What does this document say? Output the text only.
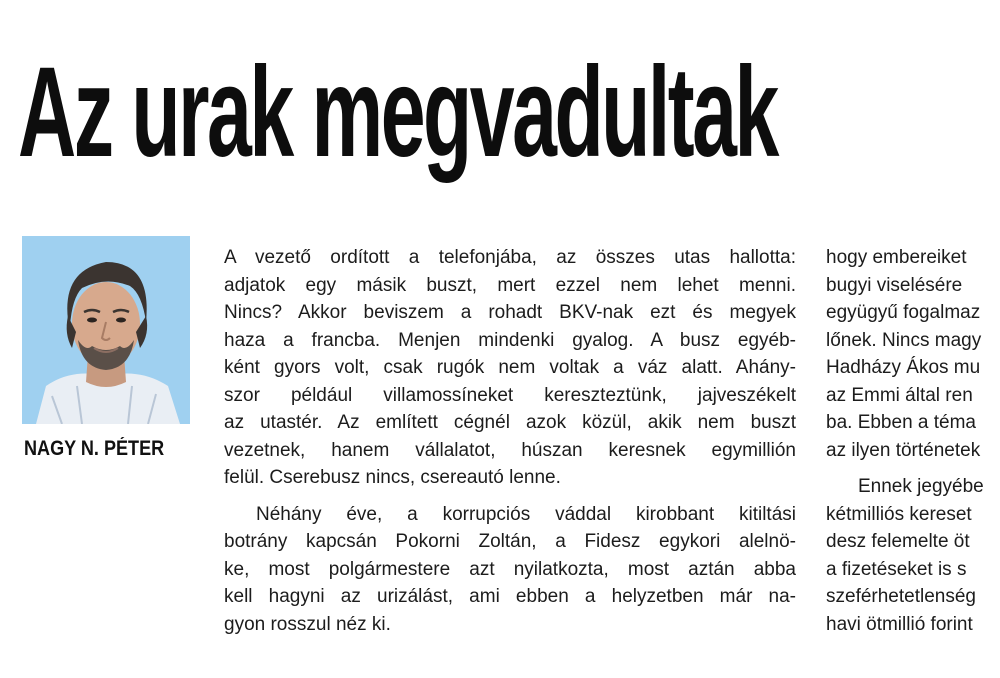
Az urak megvadultak
NAGY N. PÉTER
A vezető ordított a telefonjába, az összes utas hallotta:
adjatok egy másik buszt, mert ezzel nem lehet menni.
Nincs? Akkor beviszem a rohadt BKV-nak ezt és megyek
haza a francba. Menjen mindenki gyalog. A busz egyéb-
ként gyors volt, csak rugók nem voltak a váz alatt. Ahány-
szor például villamossíneket kereszteztünk, jajveszékelt
az utastér. Az említett cégnél azok közül, akik nem buszt
vezetnek, hanem vállalatot, húszan keresnek egymillión
felül. Cserebusz nincs, csereautó lenne.
Néhány éve, a korrupciós váddal kirobbant kitiltási
botrány kapcsán Pokorni Zoltán, a Fidesz egykori alelnö-
ke, most polgármestere azt nyilatkozta, most aztán abba
kell hagyni az urizálást, ami ebben a helyzetben már na-
gyon rosszul néz ki.
hogy embereiket
bugyi viselésére
együgyű fogalmaz
lőnek. Nincs magy
Hadházy Ákos mu
az Emmi által ren
ba. Ebben a téma
az ilyen történetek
Ennek jegyébe
kétmilliós kereset
desz felemelte öt
a fizetéseket is s
szeférhetetlenség
havi ötmillió forint
